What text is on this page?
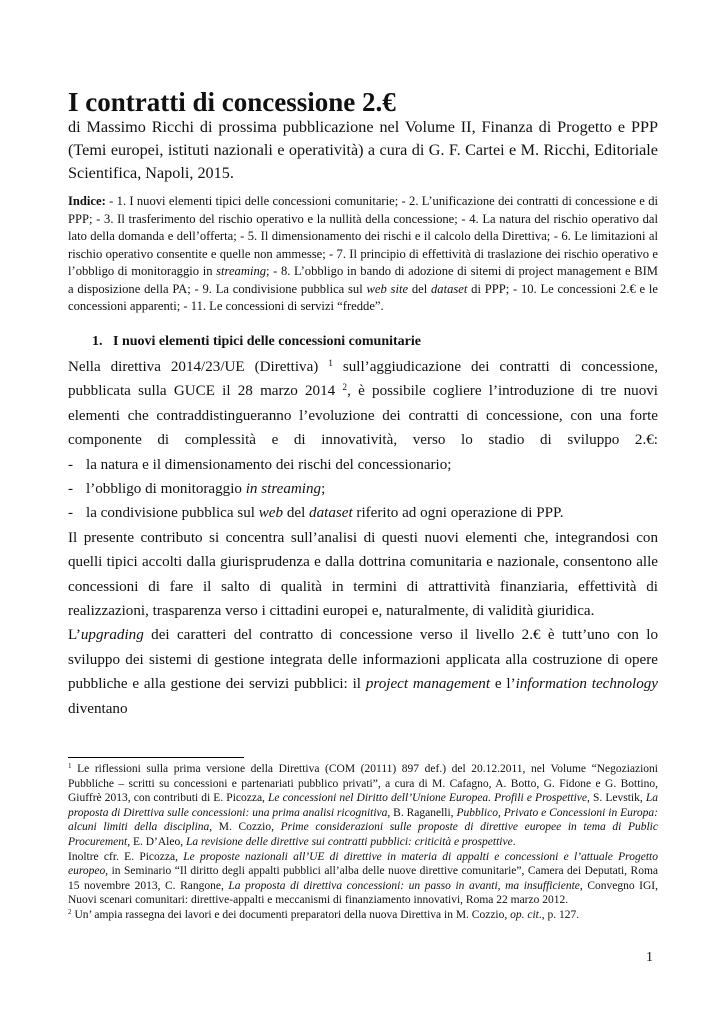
I contratti di concessione 2.€
di Massimo Ricchi di prossima pubblicazione nel Volume II, Finanza di Progetto e PPP (Temi europei, istituti nazionali e operatività) a cura di G. F. Cartei e M. Ricchi, Editoriale Scientifica, Napoli, 2015.
Indice: - 1. I nuovi elementi tipici delle concessioni comunitarie; - 2. L’unificazione dei contratti di concessione e di PPP; - 3. Il trasferimento del rischio operativo e la nullità della concessione; - 4. La natura del rischio operativo dal lato della domanda e dell’offerta; - 5. Il dimensionamento dei rischi e il calcolo della Direttiva; - 6. Le limitazioni al rischio operativo consentite e quelle non ammesse; - 7. Il principio di effettività di traslazione dei rischio operativo e l’obbligo di monitoraggio in streaming; - 8. L’obbligo in bando di adozione di sitemi di project management e BIM a disposizione della PA; - 9. La condivisione pubblica sul web site del dataset di PPP; - 10. Le concessioni 2.€ e le concessioni apparenti; - 11. Le concessioni di servizi “fredde”.
1. I nuovi elementi tipici delle concessioni comunitarie

Nella direttiva 2014/23/UE (Direttiva) $^1$ sull’aggiudicazione dei contratti di concessione, pubblicata sulla GUCE il 28 marzo 2014 $^2$, è possibile cogliere l’introduzione di tre nuovi elementi che contraddistingueranno l’evoluzione dei contratti di concessione, con una forte componente di complessità e di innovatività, verso lo stadio di sviluppo 2.€:

- la natura e il dimensionamento dei rischi del concessionario;

- l’obbligo di monitoraggio in streaming;

- la condivisione pubblica sul web del dataset riferito ad ogni operazione di PPP.

Il presente contributo si concentra sull’analisi di questi nuovi elementi che, integrandosi con quelli tipici accolti dalla giurisprudenza e dalla dottrina comunitaria e nazionale, consentono alle concessioni di fare il salto di qualità in termini di attrattività finanziaria, effettività di realizzazioni, trasparenza verso i cittadini europei e, naturalmente, di validità giuridica.

L’upgrading dei caratteri del contratto di concessione verso il livello 2.€ è tutt’uno con lo sviluppo dei sistemi di gestione integrata delle informazioni applicata alla costruzione di opere pubbliche e alla gestione dei servizi pubblici: il project management e l’information technology diventano

$^1$ Le riflessioni sulla prima versione della Direttiva (COM (20111) 897 def.) del 20.12.2011, nel Volume “Negoziazioni Pubbliche – scritti su concessioni e partenariati pubblico privati”, a cura di M. Cafagno, A. Botto, G. Fidone e G. Bottino, Giuffrè 2013, con contributi di E. Picozza, Le concessioni nel Diritto dell’Unione Europea. Profili e Prospettive, S. Levstik, La proposta di Direttiva sulle concessioni: una prima analisi ricognitiva, B. Raganelli, Pubblico, Privato e Concessioni in Europa: alcuni limiti della disciplina, M. Cozzio, Prime considerazioni sulle proposte di direttive europee in tema di Public Procurement, E. D’Aleo, La revisione delle direttive sui contratti pubblici: criticità e prospettive.

Inoltre cfr. E. Picozza, Le proposte nazionali all’UE di direttive in materia di appalti e concessioni e l’attuale Progetto europeo, in Seminario “Il diritto degli appalti pubblici all’alba delle nuove direttive comunitarie”, Camera dei Deputati, Roma 15 novembre 2013, C. Rangone, La proposta di direttiva concessioni: un passo in avanti, ma insufficiente, Convegno IGI, Nuovi scenari comunitari: direttive-appalti e meccanismi di finanziamento innovativi, Roma 22 marzo 2012.

$^2$ Un’ ampia rassegna dei lavori e dei documenti preparatori della nuova Direttiva in M. Cozzio, op. cit., p. 127.

1
